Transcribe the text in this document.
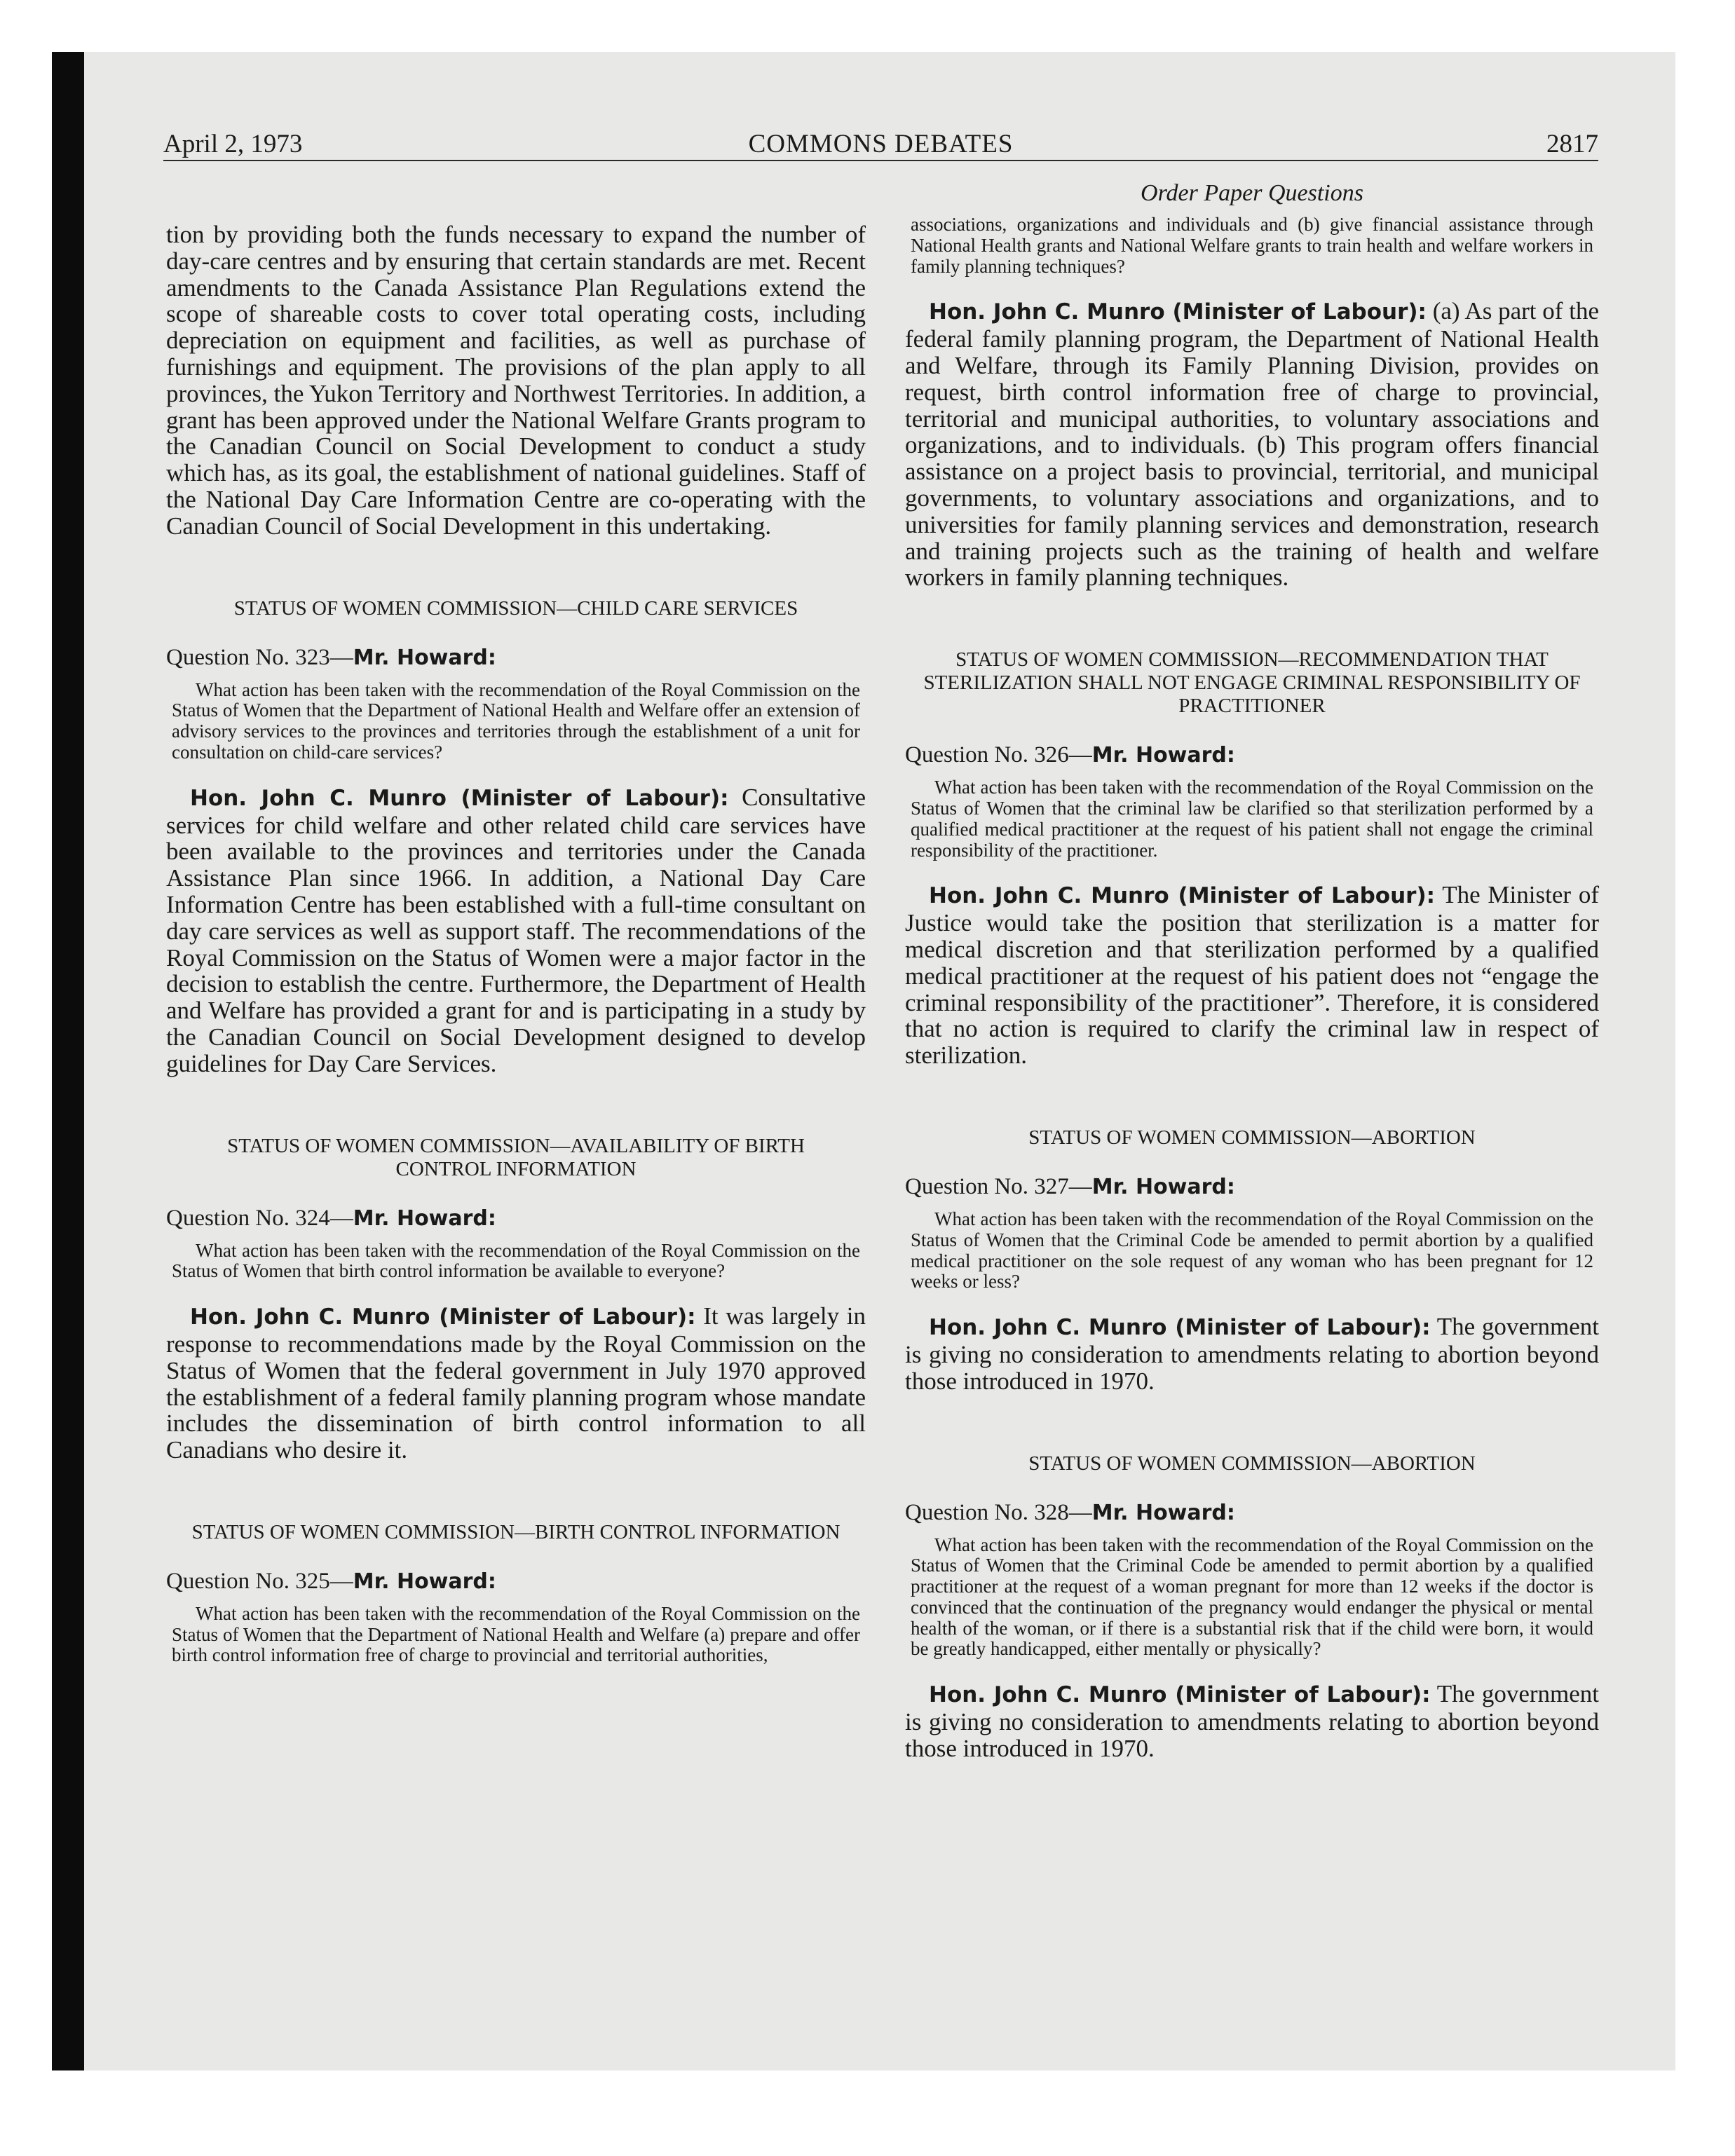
April 2, 1973	COMMONS DEBATES	2817

tion by providing both the funds necessary to expand the number of day-care centres and by ensuring that certain standards are met. Recent amendments to the Canada Assistance Plan Regulations extend the scope of shareable costs to cover total operating costs, including depreciation on equipment and facilities, as well as purchase of furnishings and equipment. The provisions of the plan apply to all provinces, the Yukon Territory and Northwest Territories. In addition, a grant has been approved under the National Welfare Grants program to the Canadian Council on Social Development to conduct a study which has, as its goal, the establishment of national guidelines. Staff of the National Day Care Information Centre are co-operating with the Canadian Council of Social Development in this undertaking.

STATUS OF WOMEN COMMISSION—CHILD CARE SERVICES

Question No. 323—Mr. Howard:

What action has been taken with the recommendation of the Royal Commission on the Status of Women that the Department of National Health and Welfare offer an extension of advisory services to the provinces and territories through the establishment of a unit for consultation on child-care services?

Hon. John C. Munro (Minister of Labour): Consultative services for child welfare and other related child care services have been available to the provinces and territories under the Canada Assistance Plan since 1966. In addition, a National Day Care Information Centre has been established with a full-time consultant on day care services as well as support staff. The recommendations of the Royal Commission on the Status of Women were a major factor in the decision to establish the centre. Furthermore, the Department of Health and Welfare has provided a grant for and is participating in a study by the Canadian Council on Social Development designed to develop guidelines for Day Care Services.

STATUS OF WOMEN COMMISSION—AVAILABILITY OF BIRTH CONTROL INFORMATION

Question No. 324—Mr. Howard:

What action has been taken with the recommendation of the Royal Commission on the Status of Women that birth control information be available to everyone?

Hon. John C. Munro (Minister of Labour): It was largely in response to recommendations made by the Royal Commission on the Status of Women that the federal government in July 1970 approved the establishment of a federal family planning program whose mandate includes the dissemination of birth control information to all Canadians who desire it.

STATUS OF WOMEN COMMISSION—BIRTH CONTROL INFORMATION

Question No. 325—Mr. Howard:

What action has been taken with the recommendation of the Royal Commission on the Status of Women that the Department of National Health and Welfare (a) prepare and offer birth control information free of charge to provincial and territorial authorities,

Order Paper Questions

associations, organizations and individuals and (b) give financial assistance through National Health grants and National Welfare grants to train health and welfare workers in family planning techniques?

Hon. John C. Munro (Minister of Labour): (a) As part of the federal family planning program, the Department of National Health and Welfare, through its Family Planning Division, provides on request, birth control information free of charge to provincial, territorial and municipal authorities, to voluntary associations and organizations, and to individuals. (b) This program offers financial assistance on a project basis to provincial, territorial, and municipal governments, to voluntary associations and organizations, and to universities for family planning services and demonstration, research and training projects such as the training of health and welfare workers in family planning techniques.

STATUS OF WOMEN COMMISSION—RECOMMENDATION THAT STERILIZATION SHALL NOT ENGAGE CRIMINAL RESPONSIBILITY OF PRACTITIONER

Question No. 326—Mr. Howard:

What action has been taken with the recommendation of the Royal Commission on the Status of Women that the criminal law be clarified so that sterilization performed by a qualified medical practitioner at the request of his patient shall not engage the criminal responsibility of the practitioner.

Hon. John C. Munro (Minister of Labour): The Minister of Justice would take the position that sterilization is a matter for medical discretion and that sterilization performed by a qualified medical practitioner at the request of his patient does not “engage the criminal responsibility of the practitioner”. Therefore, it is considered that no action is required to clarify the criminal law in respect of sterilization.

STATUS OF WOMEN COMMISSION—ABORTION

Question No. 327—Mr. Howard:

What action has been taken with the recommendation of the Royal Commission on the Status of Women that the Criminal Code be amended to permit abortion by a qualified medical practitioner on the sole request of any woman who has been pregnant for 12 weeks or less?

Hon. John C. Munro (Minister of Labour): The government is giving no consideration to amendments relating to abortion beyond those introduced in 1970.

STATUS OF WOMEN COMMISSION—ABORTION

Question No. 328—Mr. Howard:

What action has been taken with the recommendation of the Royal Commission on the Status of Women that the Criminal Code be amended to permit abortion by a qualified practitioner at the request of a woman pregnant for more than 12 weeks if the doctor is convinced that the continuation of the pregnancy would endanger the physical or mental health of the woman, or if there is a substantial risk that if the child were born, it would be greatly handicapped, either mentally or physically?

Hon. John C. Munro (Minister of Labour): The government is giving no consideration to amendments relating to abortion beyond those introduced in 1970.
